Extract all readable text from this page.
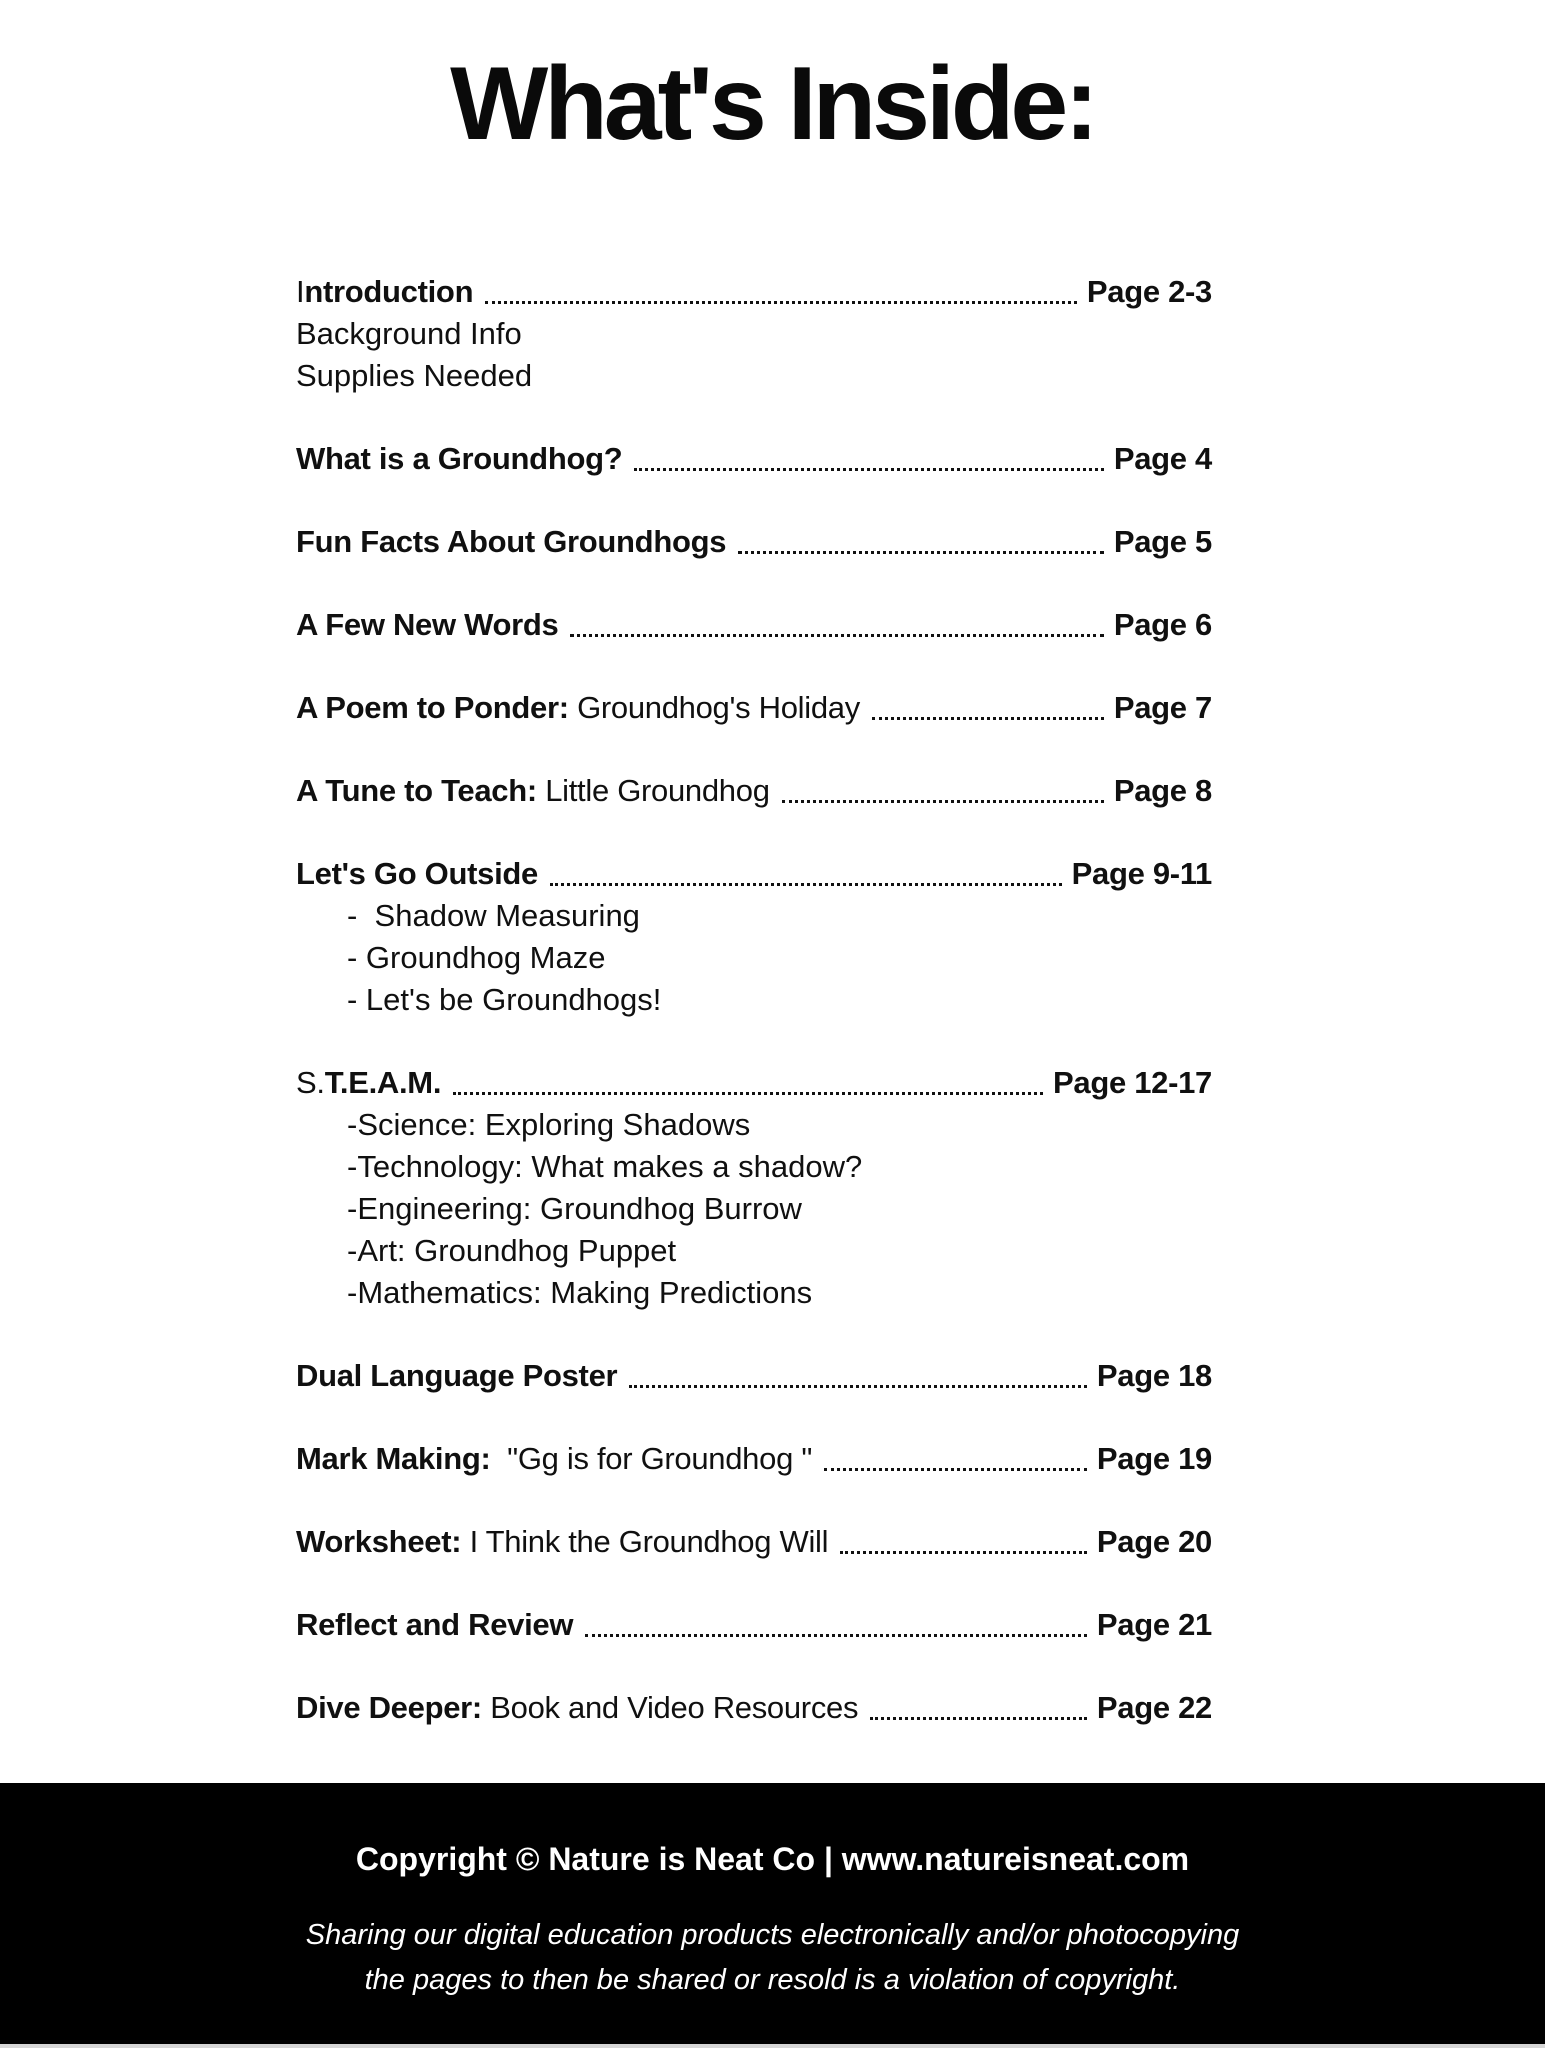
What's Inside:
Introduction	Page 2-3
Background Info
Supplies Needed
What is a Groundhog?	Page 4
Fun Facts About Groundhogs	Page 5
A Few New Words	Page 6
A Poem to Ponder: Groundhog's Holiday	Page 7
A Tune to Teach: Little Groundhog	Page 8
Let's Go Outside	Page 9-11
-  Shadow Measuring
- Groundhog Maze
- Let's be Groundhogs!
S.T.E.A.M.	Page 12-17
-Science: Exploring Shadows
-Technology: What makes a shadow?
-Engineering: Groundhog Burrow
-Art: Groundhog Puppet
-Mathematics: Making Predictions
Dual Language Poster	Page 18
Mark Making:  "Gg is for Groundhog "	Page 19
Worksheet: I Think the Groundhog Will	Page 20
Reflect and Review	Page 21
Dive Deeper: Book and Video Resources	Page 22
Copyright © Nature is Neat Co | www.natureisneat.com
Sharing our digital education products electronically and/or photocopying
the pages to then be shared or resold is a violation of copyright.
